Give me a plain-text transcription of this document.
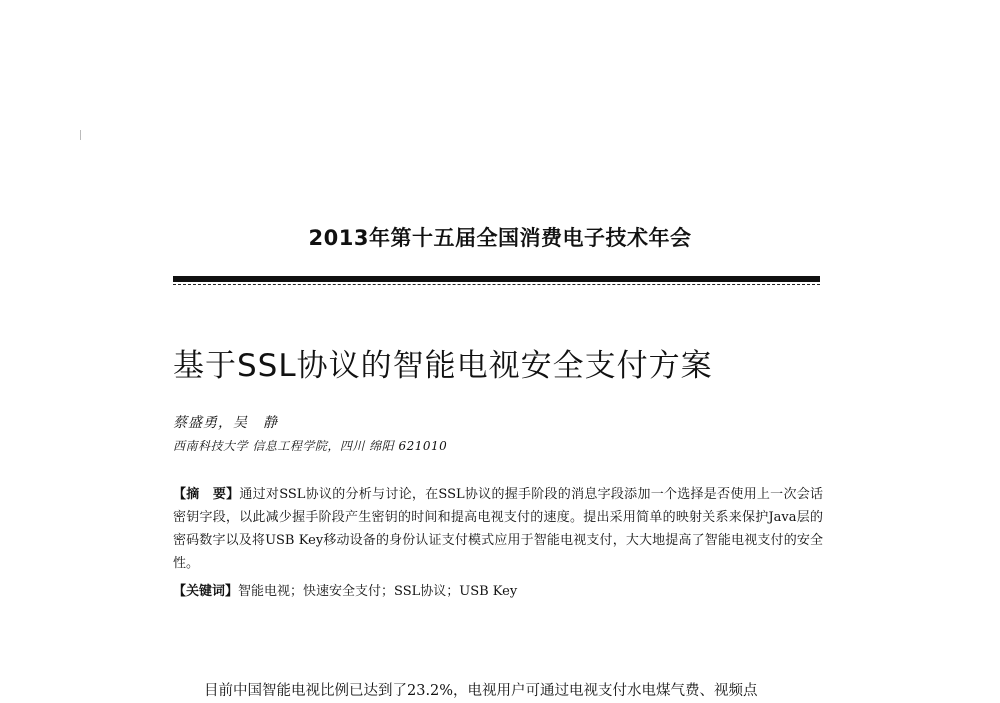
2013年第十五届全国消费电子技术年会
基于SSL协议的智能电视安全支付方案
蔡盛勇，吴　静
西南科技大学 信息工程学院，四川 绵阳 621010
【摘　要】通过对SSL协议的分析与讨论，在SSL协议的握手阶段的消息字段添加一个选择是否使用上一次会话密钥字段，以此减少握手阶段产生密钥的时间和提高电视支付的速度。提出采用简单的映射关系来保护Java层的密码数字以及将USB Key移动设备的身份认证支付模式应用于智能电视支付，大大地提高了智能电视支付的安全性。
【关键词】智能电视；快速安全支付；SSL协议；USB Key
目前中国智能电视比例已达到了23.2%，电视用户可通过电视支付水电煤气费、视频点
